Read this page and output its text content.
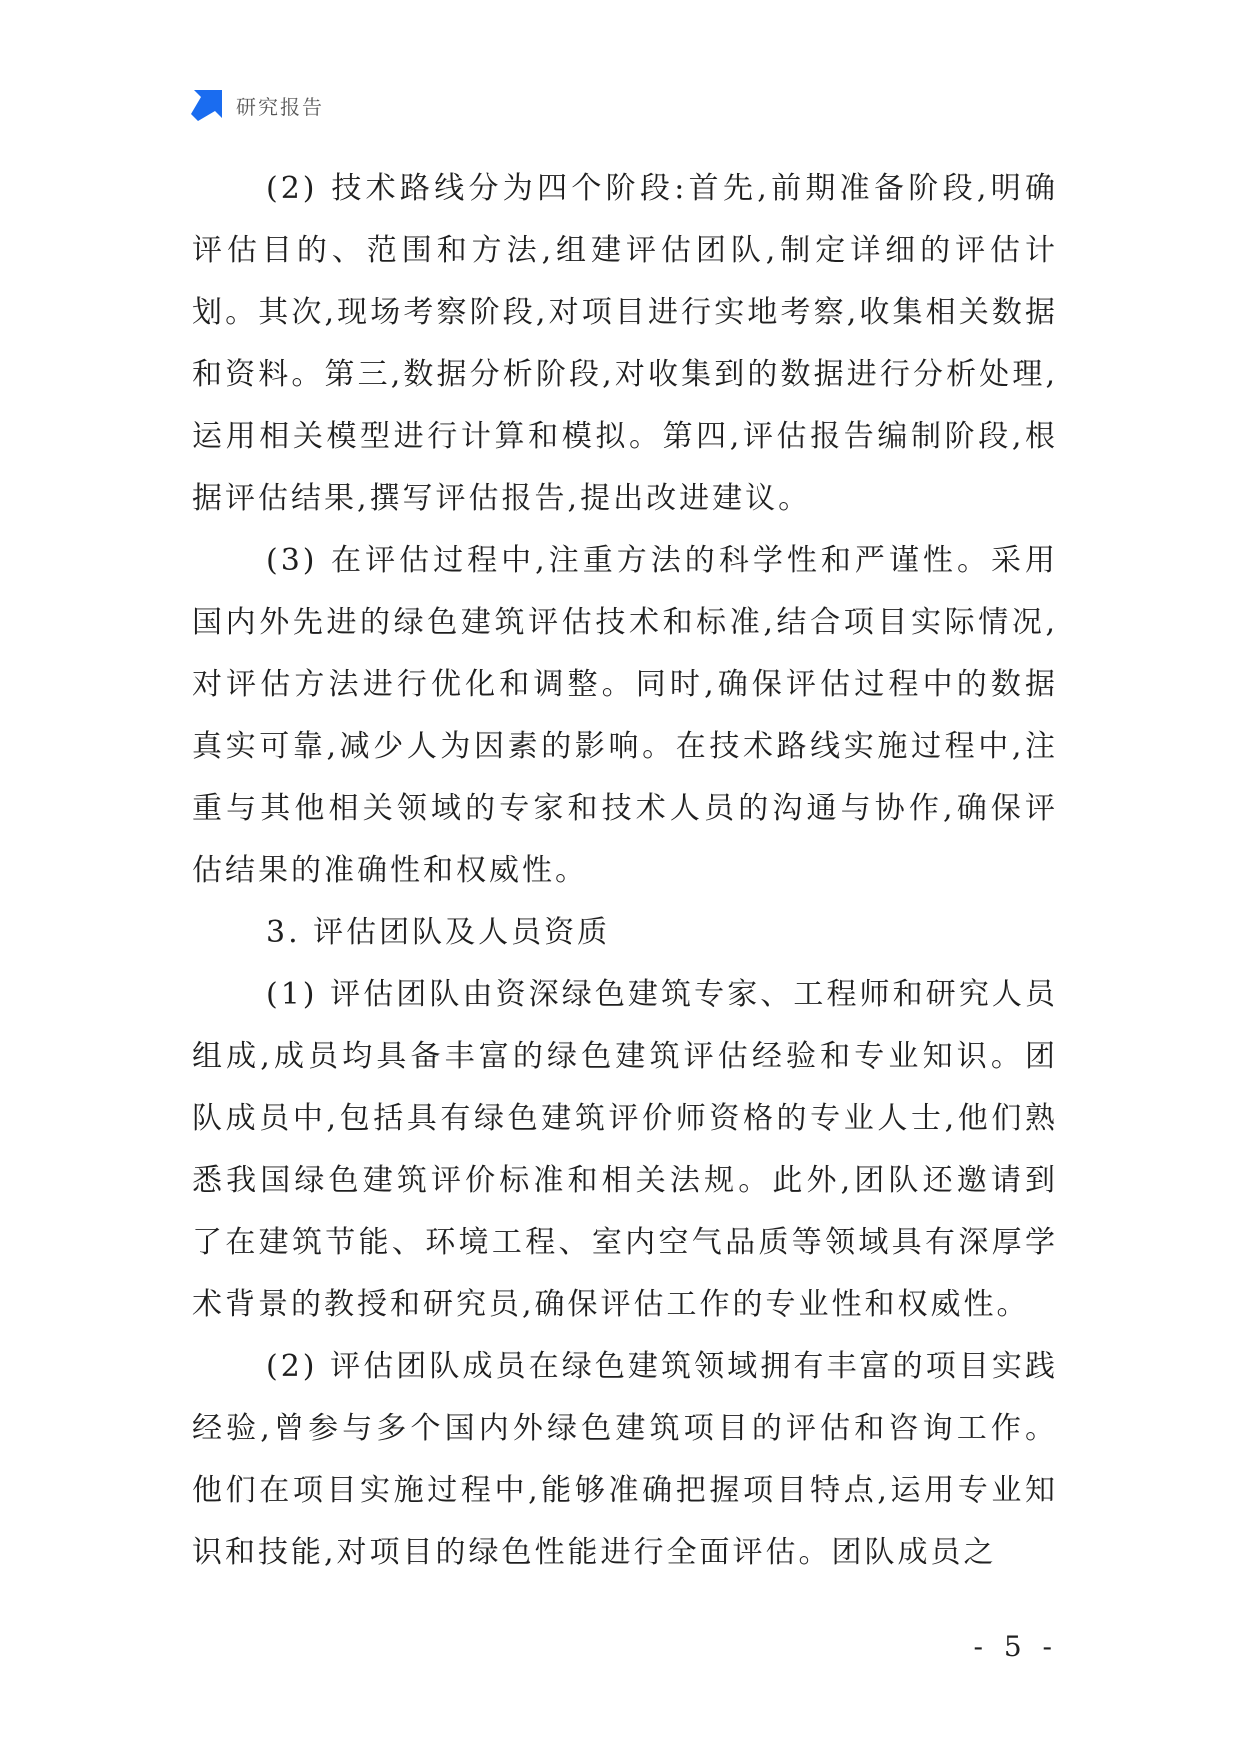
研究报告

(2) 技术路线分为四个阶段:首先,前期准备阶段,明确评估目的、范围和方法,组建评估团队,制定详细的评估计划。其次,现场考察阶段,对项目进行实地考察,收集相关数据和资料。第三,数据分析阶段,对收集到的数据进行分析处理,运用相关模型进行计算和模拟。第四,评估报告编制阶段,根据评估结果,撰写评估报告,提出改进建议。

(3) 在评估过程中,注重方法的科学性和严谨性。采用国内外先进的绿色建筑评估技术和标准,结合项目实际情况,对评估方法进行优化和调整。同时,确保评估过程中的数据真实可靠,减少人为因素的影响。在技术路线实施过程中,注重与其他相关领域的专家和技术人员的沟通与协作,确保评估结果的准确性和权威性。

3. 评估团队及人员资质

(1) 评估团队由资深绿色建筑专家、工程师和研究人员组成,成员均具备丰富的绿色建筑评估经验和专业知识。团队成员中,包括具有绿色建筑评价师资格的专业人士,他们熟悉我国绿色建筑评价标准和相关法规。此外,团队还邀请到了在建筑节能、环境工程、室内空气品质等领域具有深厚学术背景的教授和研究员,确保评估工作的专业性和权威性。

(2) 评估团队成员在绿色建筑领域拥有丰富的项目实践经验,曾参与多个国内外绿色建筑项目的评估和咨询工作。他们在项目实施过程中,能够准确把握项目特点,运用专业知识和技能,对项目的绿色性能进行全面评估。团队成员之

- 5 -
